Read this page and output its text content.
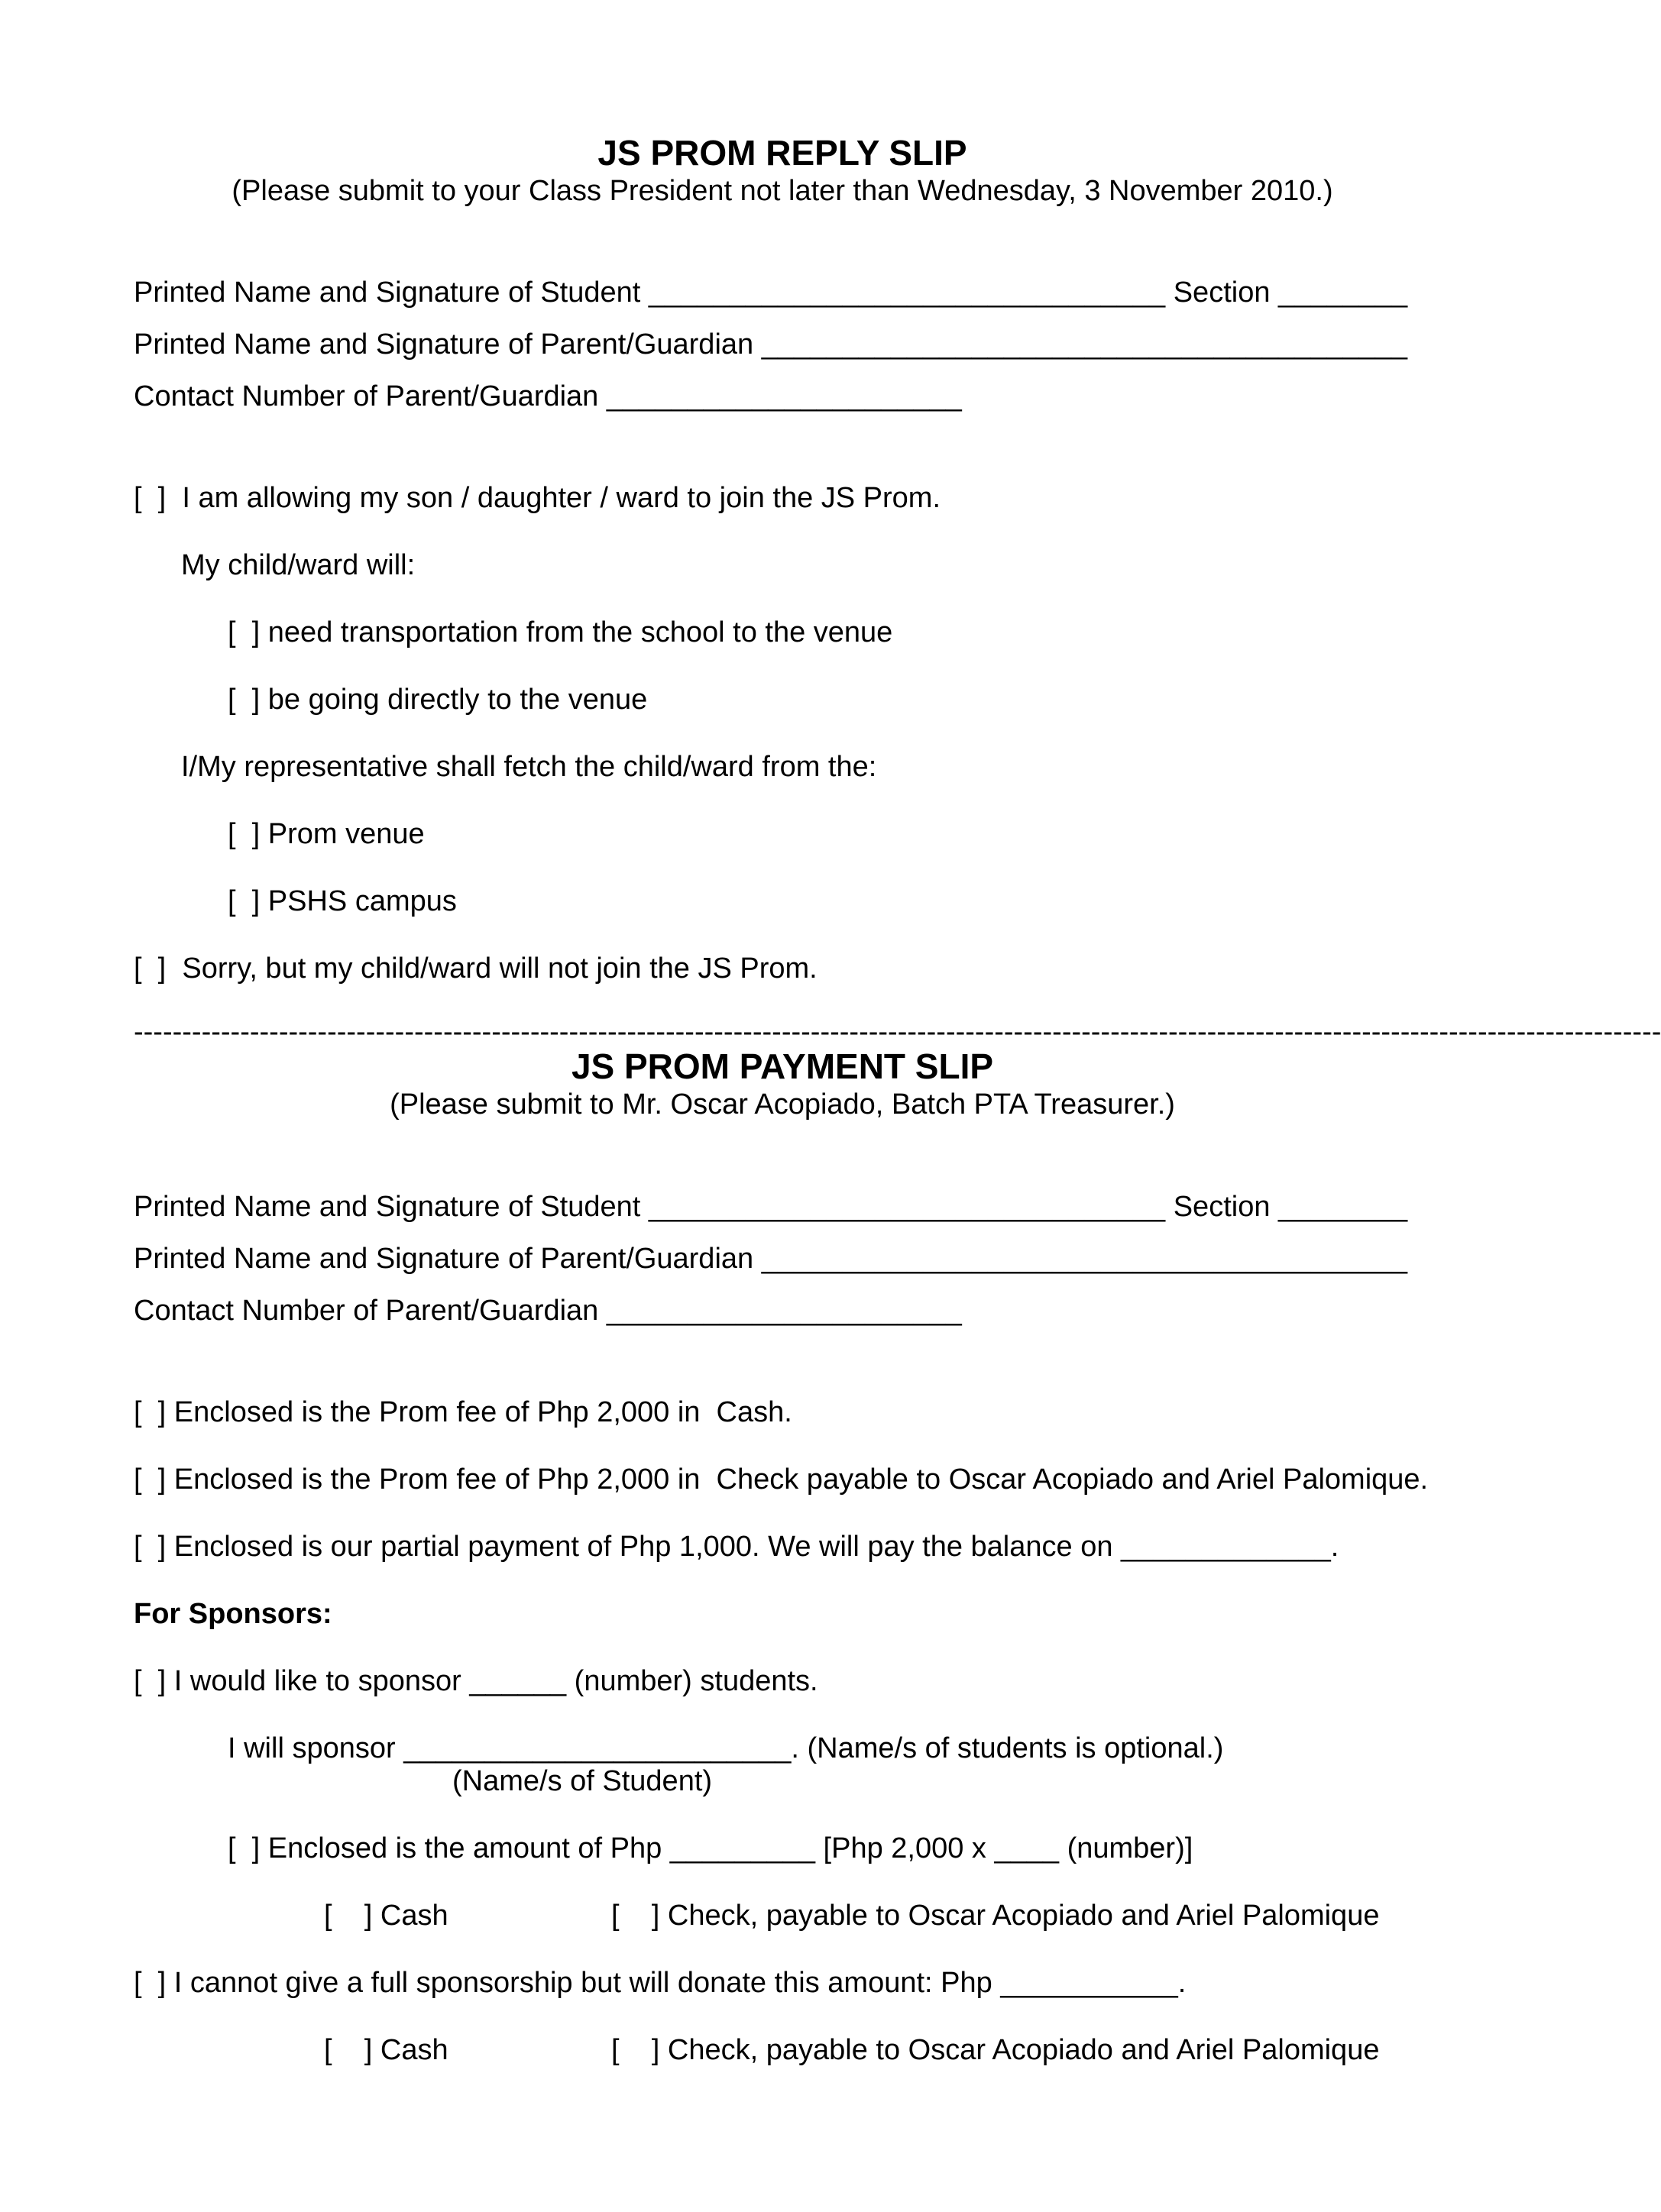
JS PROM REPLY SLIP
(Please submit to your Class President not later than Wednesday, 3 November 2010.)
Printed Name and Signature of Student ________________________________ Section ________
Printed Name and Signature of Parent/Guardian ________________________________________
Contact Number of Parent/Guardian ______________________
[  ]  I am allowing my son / daughter / ward to join the JS Prom.
My child/ward will:
[  ] need transportation from the school to the venue
[  ] be going directly to the venue
I/My representative shall fetch the child/ward from the:
[  ] Prom venue
[  ] PSHS campus
[  ]  Sorry, but my child/ward will not join the JS Prom.
--------------------------------------------------------------------------------------------------------------------------------------------------------------
JS PROM PAYMENT SLIP
(Please submit to Mr. Oscar Acopiado, Batch PTA Treasurer.)
Printed Name and Signature of Student ________________________________ Section ________
Printed Name and Signature of Parent/Guardian ________________________________________
Contact Number of Parent/Guardian ______________________
[  ] Enclosed is the Prom fee of Php 2,000 in  Cash.
[  ] Enclosed is the Prom fee of Php 2,000 in  Check payable to Oscar Acopiado and Ariel Palomique.
[  ] Enclosed is our partial payment of Php 1,000. We will pay the balance on _____________.
For Sponsors:
[  ] I would like to sponsor ______ (number) students.
I will sponsor ________________________. (Name/s of students is optional.)
(Name/s of Student)
[  ] Enclosed is the amount of Php _________ [Php 2,000 x ____ (number)]
[    ] Cash	[    ] Check, payable to Oscar Acopiado and Ariel Palomique
[  ] I cannot give a full sponsorship but will donate this amount: Php ___________.
[    ] Cash	[    ] Check, payable to Oscar Acopiado and Ariel Palomique
